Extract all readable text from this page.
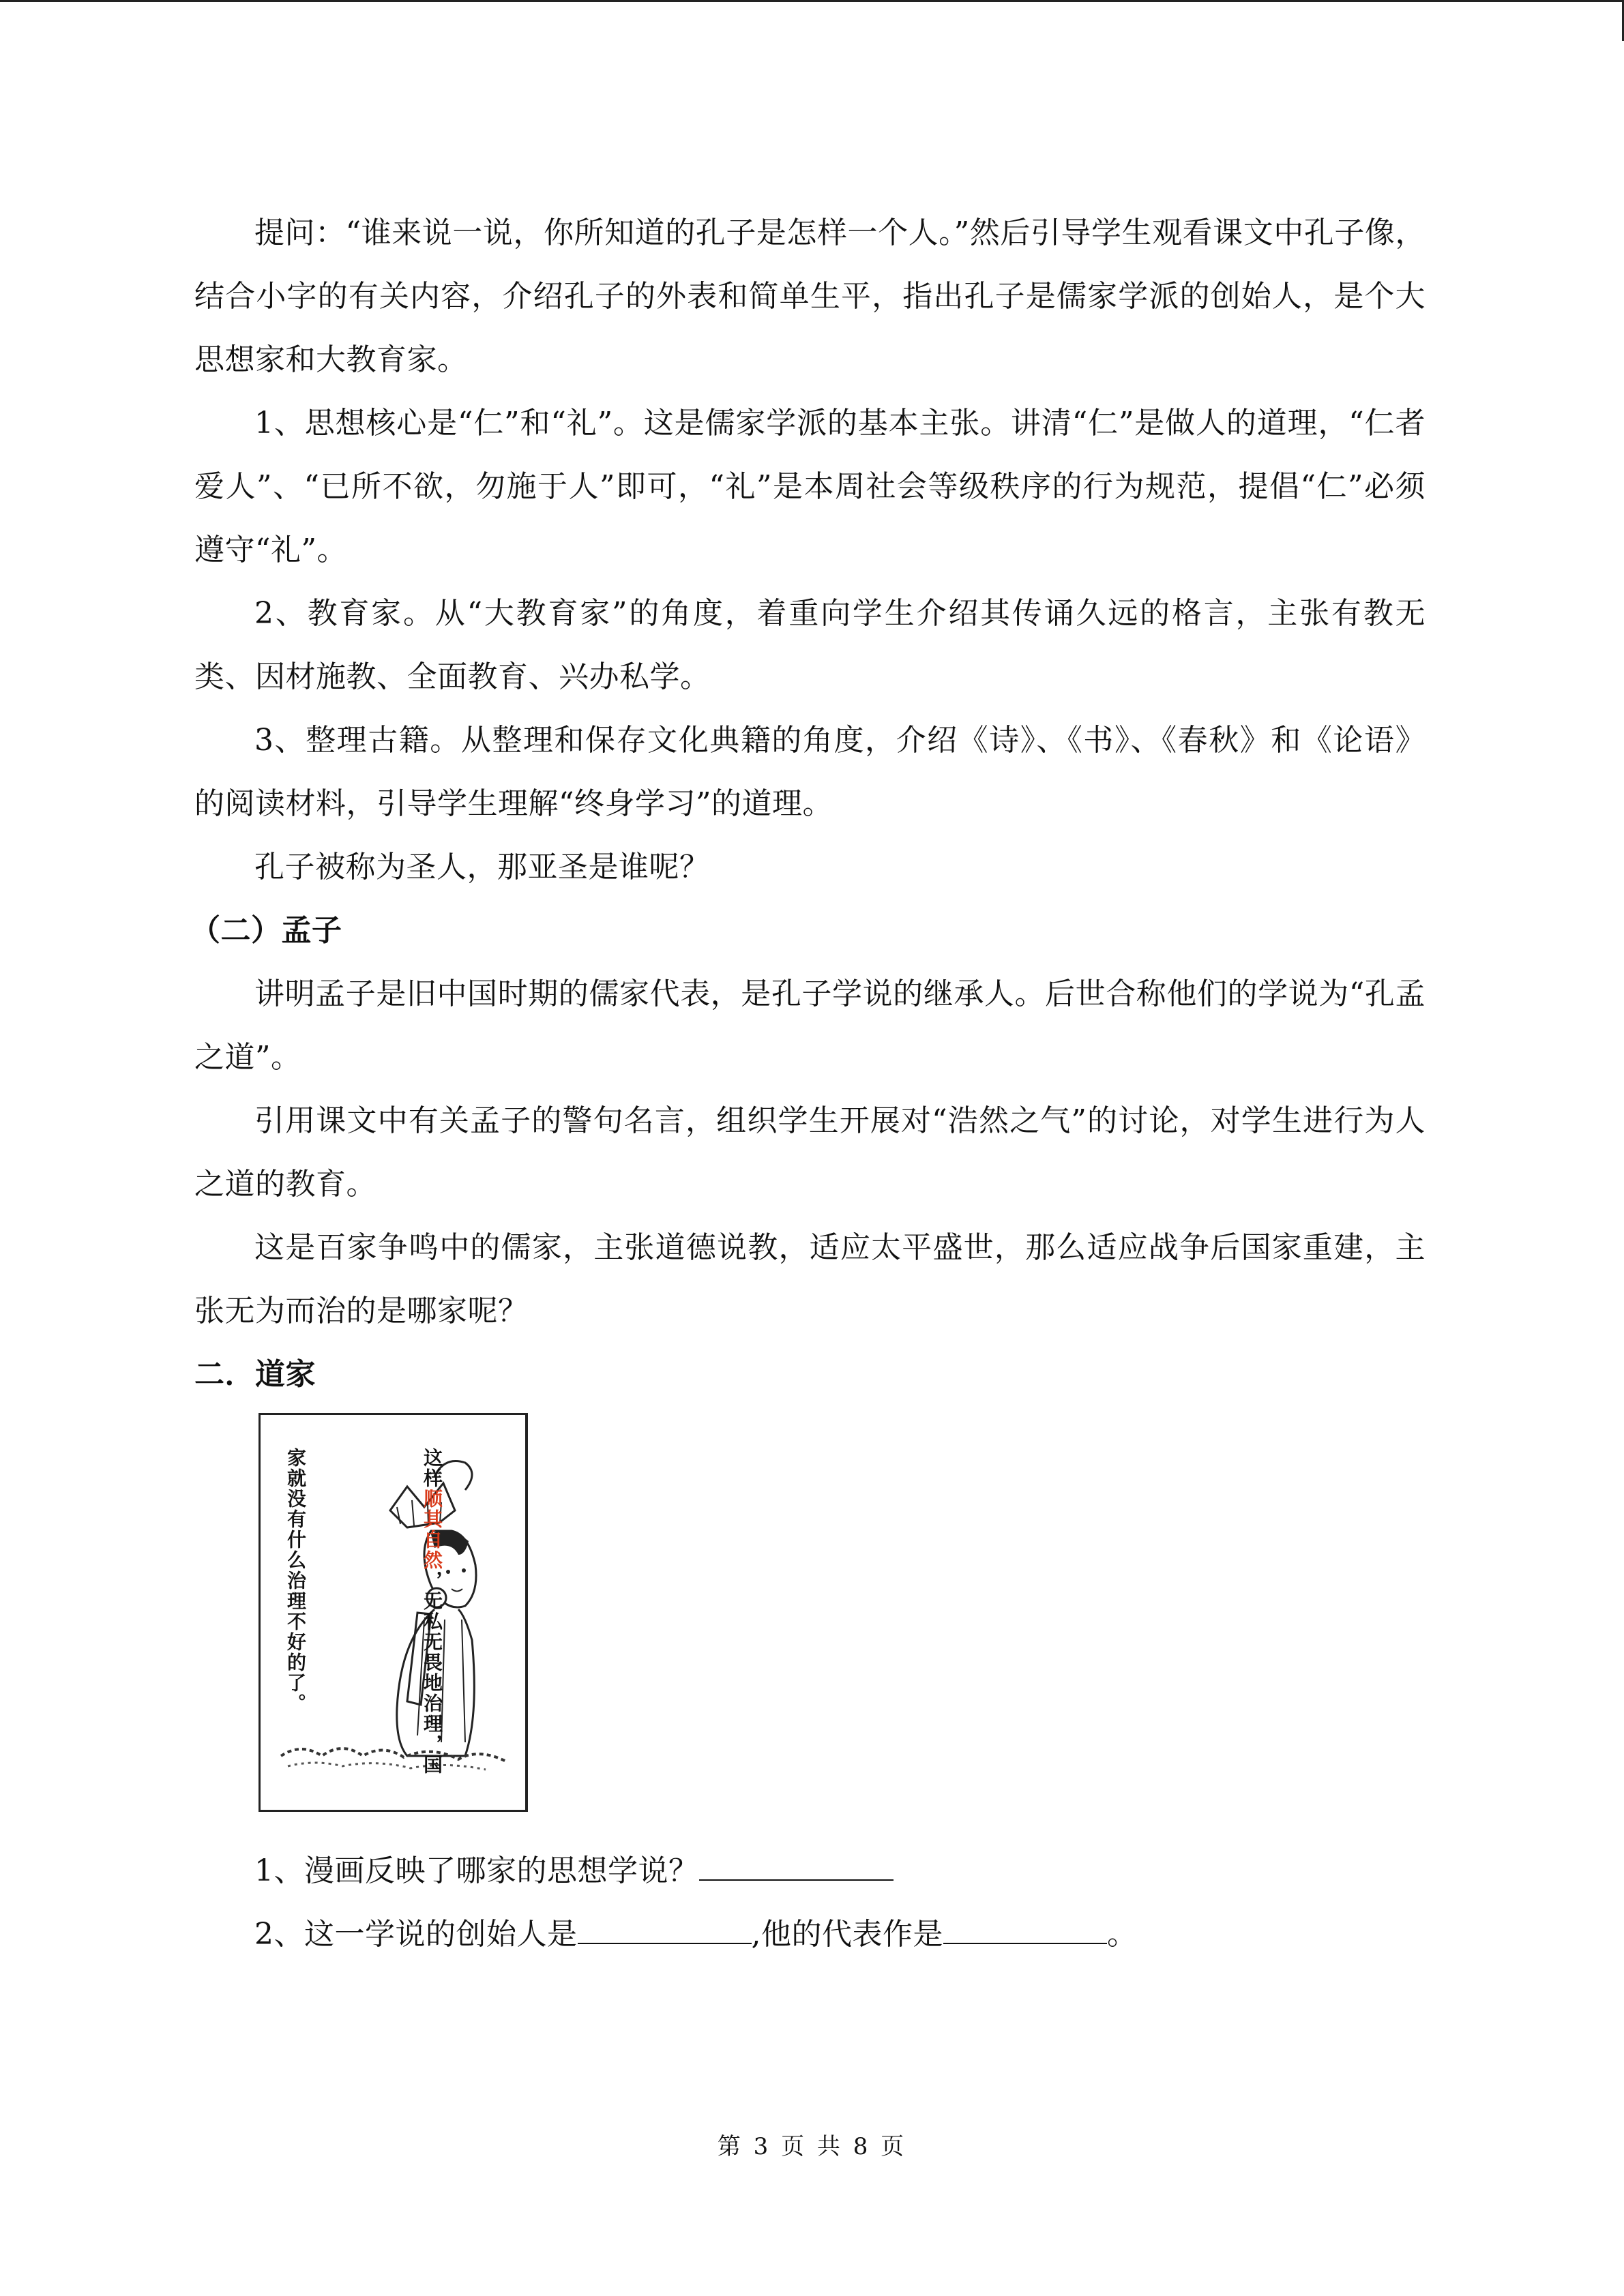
提问：“谁来说一说，你所知道的孔子是怎样一个人。”然后引导学生观看课文中孔子像，结合小字的有关内容，介绍孔子的外表和简单生平，指出孔子是儒家学派的创始人，是个大思想家和大教育家。

1、思想核心是“仁”和“礼”。这是儒家学派的基本主张。讲清“仁”是做人的道理，“仁者爱人”、“已所不欲，勿施于人”即可，“礼”是本周社会等级秩序的行为规范，提倡“仁”必须遵守“礼”。

2、教育家。从“大教育家”的角度，着重向学生介绍其传诵久远的格言，主张有教无类、因材施教、全面教育、兴办私学。

3、整理古籍。从整理和保存文化典籍的角度，介绍《诗》、《书》、《春秋》和《论语》的阅读材料，引导学生理解“终身学习”的道理。

孔子被称为圣人，那亚圣是谁呢？

（二）孟子

讲明孟子是旧中国时期的儒家代表，是孔子学说的继承人。后世合称他们的学说为“孔孟之道”。

引用课文中有关孟子的警句名言，组织学生开展对“浩然之气”的讨论，对学生进行为人之道的教育。

这是百家争鸣中的儒家，主张道德说教，适应太平盛世，那么适应战争后国家重建，主张无为而治的是哪家呢？

二．道家

这样顺其自然，无私无畏地治理，国
家就没有什么治理不好的了。

1、漫画反映了哪家的思想学说？

2、这一学说的创始人是	,他的代表作是	。

第 3 页 共 8 页
